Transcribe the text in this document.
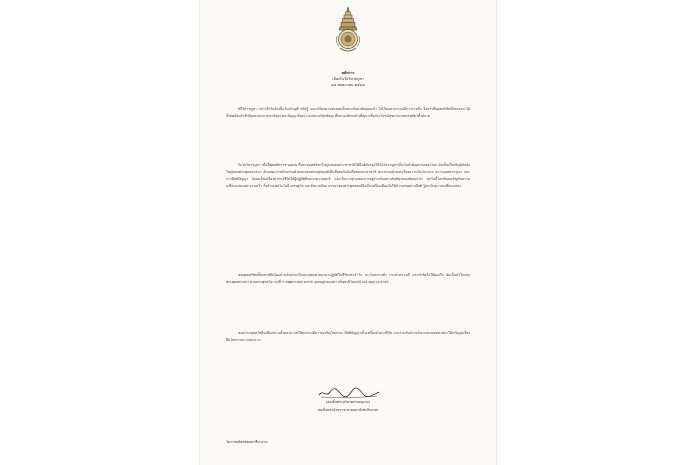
หลักการ
เนื่องในวันวิสาขบูชา
๑๔ พฤษภาคม ๒๕๖๘

ดิถีวิสาขบูชา กล่าวถึงวันอันเป็นวันประสูติ ตรัสรู้ และปรินิพพานของสมเด็จพระสัมมาสัมพุทธเจ้า ได้เวียนมาบรรจบอีกวาระหนึ่ง จึงควรที่พุทธบริษัททั้งหลายจะได้ตั้งจิตน้อมรำลึกถึงพระมหากรุณาธิคุณ พระปัญญาธิคุณ และพระบริสุทธิคุณ ที่พระองค์ทรงบำเพ็ญมาเพื่อประโยชน์สุขแก่มวลสรรพสัตว์ทั้งหลาย

ในวันวิสาขบูชา เมื่อปีพุทธศักราช ๒๕๔๒ ที่ประชุมสมัชชาใหญ่แห่งสหประชาชาติได้มีมติรับรองให้วันวิสาขบูชาเป็นวันสำคัญสากลของโลก นับเป็นเกียรติภูมิอันยิ่งใหญ่ของพระพุทธศาสนา อันแสดงว่าหลักธรรมคำสอนของพระพุทธองค์เป็นที่ยอมรับนับถือของนานาชาติ พระธรรมคำสอนเรื่องความไม่ประมาท ความเมตตากรุณา และการมีสติปัญญา ยังคงเป็นเครื่องนำทางชีวิตให้ผู้ปฏิบัติพ้นจากความทุกข์ และเป็นรากฐานของการอยู่ร่วมกันอย่างสันติสุขของสังคมโลก ทุกวันนี้โลกต้องเผชิญกับความเปลี่ยนแปลงอย่างรวดเร็ว ทั้งด้านเทคโนโลยี เศรษฐกิจ และสิ่งแวดล้อม ธรรมะของพระพุทธองค์จึงเป็นเครื่องเตือนใจให้ดำรงตนอย่างมีสติ รู้เท่าทันความเปลี่ยนแปลง

ขอพุทธบริษัททั้งหลายพึงน้อมนำหลักธรรมในพระพุทธศาสนามาปฏิบัติในชีวิตประจำวัน ละเว้นความชั่ว กระทำความดี และทำจิตใจให้ผ่องใส อันเป็นหัวใจแห่งพระพุทธศาสนา ตามพระพุทธโอวาทที่ว่า สพฺพปาปสฺส อกรณํ กุสลสฺสูปสมฺปทา สจิตฺตปริโยทปนํ เอตํ พุทฺธาน สาสนํ

ขอความสุขสวัสดีจงมีแด่ท่านทั้งหลาย ขอให้ทุกท่านมีความเจริญในธรรม มีสติปัญญาเป็นเครื่องนำทางชีวิต และร่วมกันธำรงรักษาพระพุทธศาสนาให้เจริญรุ่งเรืองสืบไปตราบนานเท่านาน

(สมเด็จพระอริยวงศาคตญาณ)
สมเด็จพระสังฆราช สกลมหาสังฆปริณายก
วัดราชบพิธสถิตมหาสีมาราม
